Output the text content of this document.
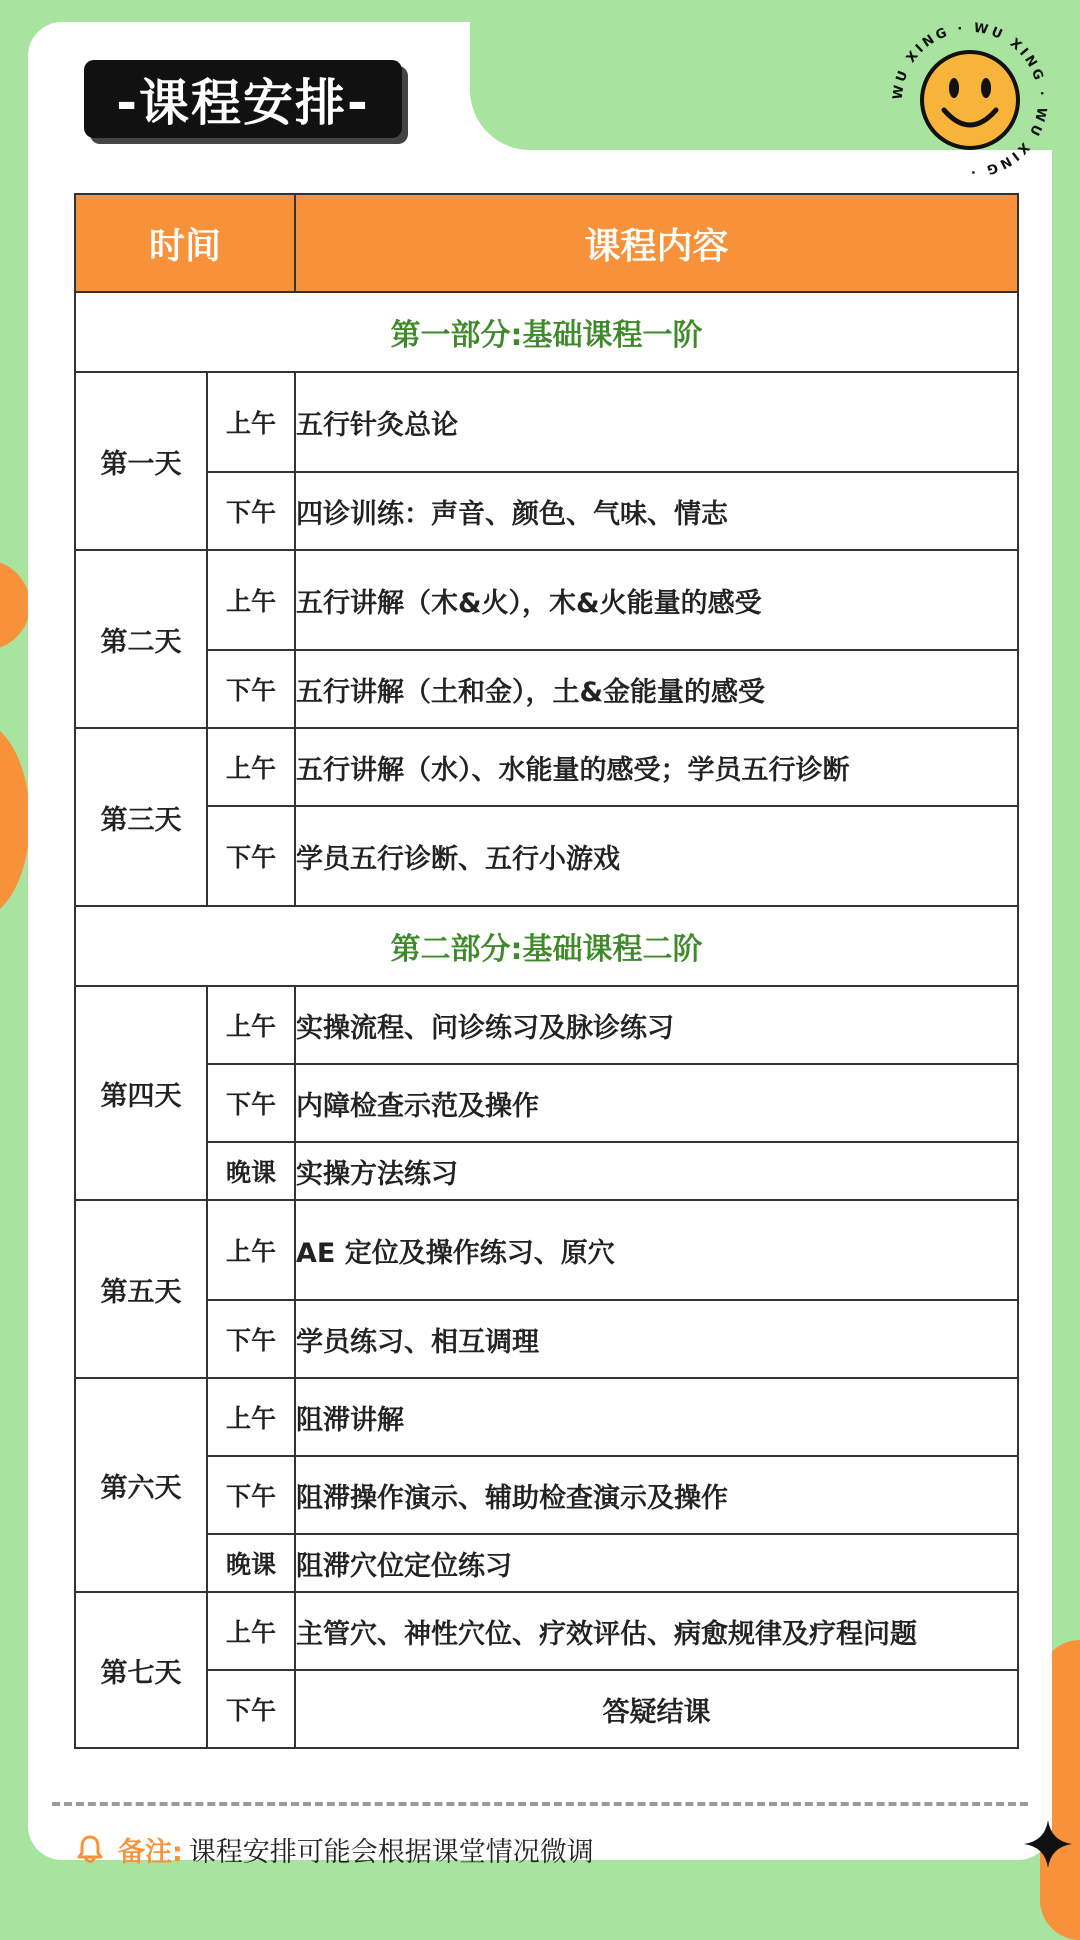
-课程安排-	WU XING · WU XING · WU XING ·
时间		课程内容
第一部分:基础课程一阶		
第一天	上午	五行针灸总论
	下午	四诊训练：声音、颜色、气味、情志
第二天	上午	五行讲解（木&火），木&火能量的感受
	下午	五行讲解（土和金），土&金能量的感受
第三天	上午	五行讲解（水）、水能量的感受；学员五行诊断
	下午	学员五行诊断、五行小游戏
第二部分:基础课程二阶		
第四天	上午	实操流程、问诊练习及脉诊练习
	下午	内障检查示范及操作
	晚课	实操方法练习
第五天	上午	AE 定位及操作练习、原穴
	下午	学员练习、相互调理
第六天	上午	阻滞讲解
	下午	阻滞操作演示、辅助检查演示及操作
	晚课	阻滞穴位定位练习
第七天	上午	主管穴、神性穴位、疗效评估、病愈规律及疗程问题
	下午	答疑结课
备注: 课程安排可能会根据课堂情况微调
